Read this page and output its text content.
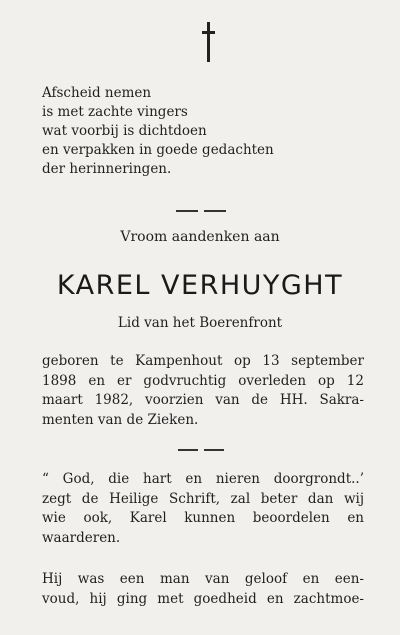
Afscheid nemen
is met zachte vingers
wat voorbij is dichtdoen
en verpakken in goede gedachten
der herinneringen.
Vroom aandenken aan
KAREL VERHUYGHT
Lid van het Boerenfront
geboren te Kampenhout op 13 september
1898 en er godvruchtig overleden op 12
maart 1982, voorzien van de HH. Sakra-
menten van de Zieken.
“ God, die hart en nieren doorgrondt..’
zegt de Heilige Schrift, zal beter dan wij
wie ook, Karel kunnen beoordelen en
waarderen.
Hij was een man van geloof en een-
voud, hij ging met goedheid en zachtmoe-
